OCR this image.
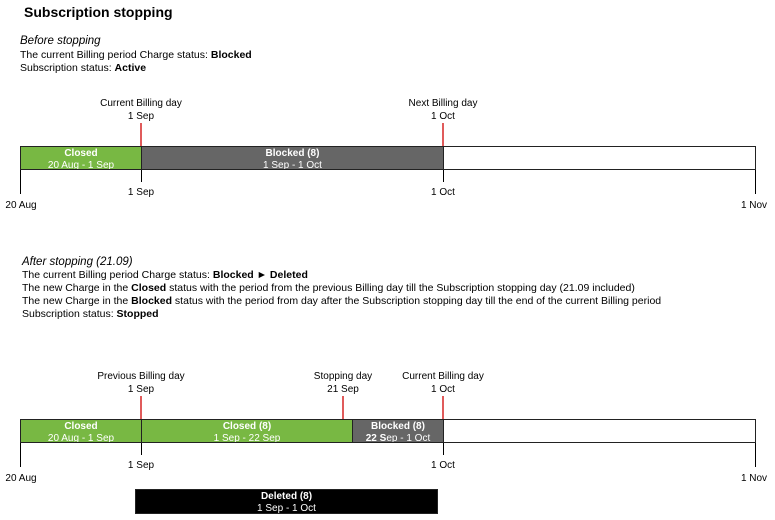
Subscription stopping
Before stopping
The current Billing period Charge status: Blocked
Subscription status: Active
Current Billing day
1 Sep
Next Billing day
1 Oct
Closed
20 Aug - 1 Sep
Blocked (8)
1 Sep - 1 Oct
1 Sep	1 Oct
20 Aug	1 Nov
After stopping (21.09)
The current Billing period Charge status: Blocked ► Deleted
The new Charge in the Closed status with the period from the previous Billing day till the Subscription stopping day (21.09 included)
The new Charge in the Blocked status with the period from day after the Subscription stopping day till the end of the current Billing period
Subscription status: Stopped
Previous Billing day
1 Sep
Stopping day
21 Sep
Current Billing day
1 Oct
Closed
20 Aug - 1 Sep
Closed (8)
1 Sep - 22 Sep
Blocked (8)
22 Sep - 1 Oct
1 Sep	1 Oct
20 Aug	1 Nov
Deleted (8)
1 Sep - 1 Oct
